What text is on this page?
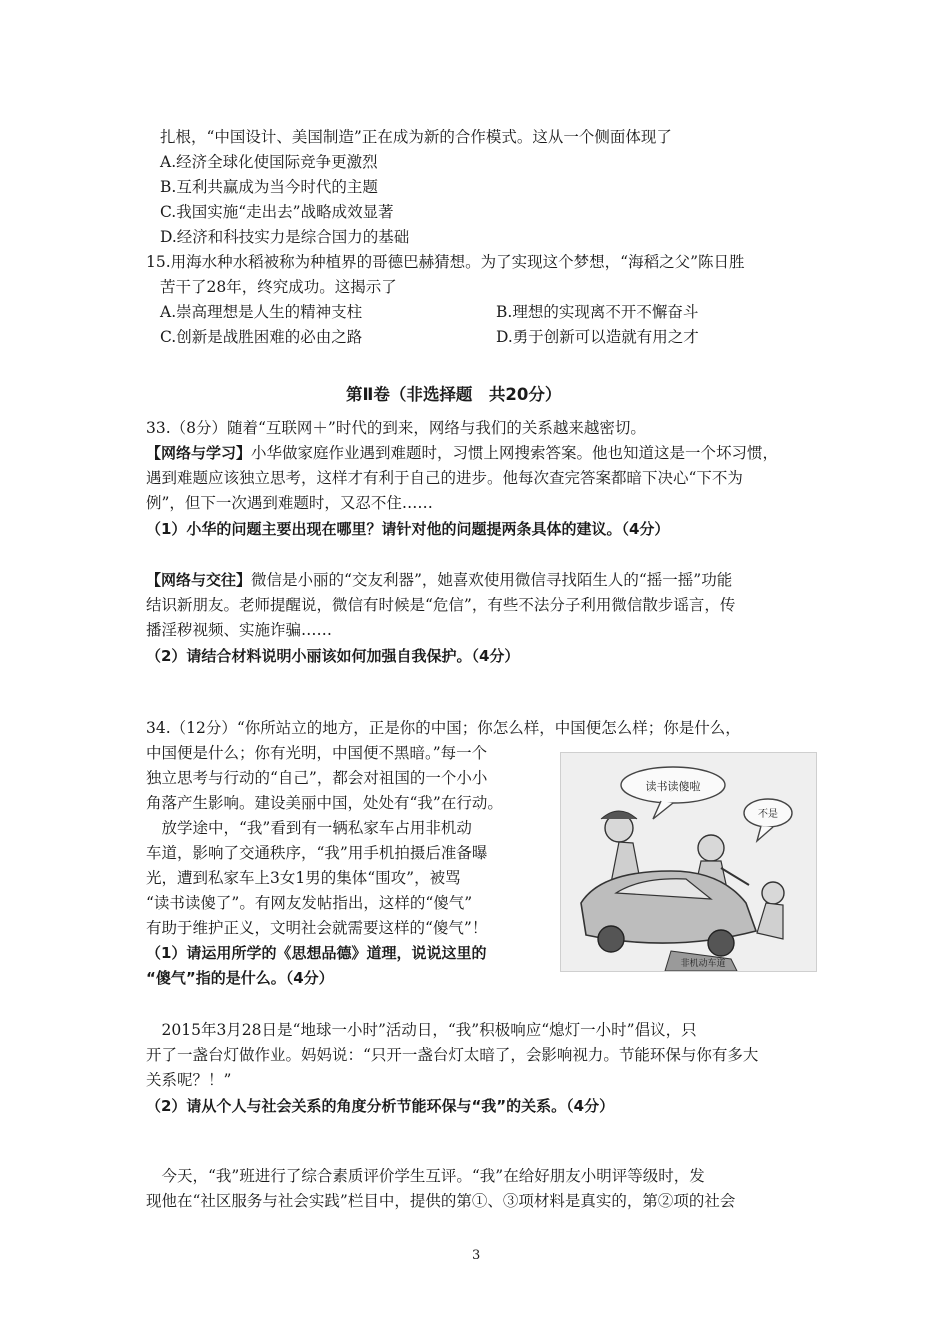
扎根，“中国设计、美国制造”正在成为新的合作模式。这从一个侧面体现了
A.经济全球化使国际竞争更激烈
B.互利共赢成为当今时代的主题
C.我国实施“走出去”战略成效显著
D.经济和科技实力是综合国力的基础
15.用海水种水稻被称为种植界的哥德巴赫猜想。为了实现这个梦想，“海稻之父”陈日胜
苦干了28年，终究成功。这揭示了
A.崇高理想是人生的精神支柱	B.理想的实现离不开不懈奋斗
C.创新是战胜困难的必由之路	D.勇于创新可以造就有用之才
第Ⅱ卷（非选择题　共20分）
33.（8分）随着“互联网＋”时代的到来，网络与我们的关系越来越密切。
【网络与学习】小华做家庭作业遇到难题时，习惯上网搜索答案。他也知道这是一个坏习惯，
遇到难题应该独立思考，这样才有利于自己的进步。他每次查完答案都暗下决心“下不为
例”，但下一次遇到难题时，又忍不住……
（1）小华的问题主要出现在哪里？请针对他的问题提两条具体的建议。（4分）
【网络与交往】微信是小丽的“交友利器”，她喜欢使用微信寻找陌生人的“摇一摇”功能
结识新朋友。老师提醒说，微信有时候是“危信”，有些不法分子利用微信散步谣言，传
播淫秽视频、实施诈骗……
（2）请结合材料说明小丽该如何加强自我保护。（4分）
34.（12分）“你所站立的地方，正是你的中国；你怎么样，中国便怎么样；你是什么，
中国便是什么；你有光明，中国便不黑暗。”每一个
独立思考与行动的“自己”，都会对祖国的一个小小
角落产生影响。建设美丽中国，处处有“我”在行动。
　放学途中，“我”看到有一辆私家车占用非机动
车道，影响了交通秩序，“我”用手机拍摄后准备曝
光，遭到私家车上3女1男的集体“围攻”，被骂
“读书读傻了”。有网友发帖指出，这样的“傻气”
有助于维护正义，文明社会就需要这样的“傻气”！
（1）请运用所学的《思想品德》道理，说说这里的
“傻气”指的是什么。（4分）
读书读傻啦
不是
非机动车道
　2015年3月28日是“地球一小时”活动日，“我”积极响应“熄灯一小时”倡议，只
开了一盏台灯做作业。妈妈说：“只开一盏台灯太暗了，会影响视力。节能环保与你有多大
关系呢？！”
（2）请从个人与社会关系的角度分析节能环保与“我”的关系。（4分）
　今天，“我”班进行了综合素质评价学生互评。“我”在给好朋友小明评等级时，发
现他在“社区服务与社会实践”栏目中，提供的第①、③项材料是真实的，第②项的社会
3
